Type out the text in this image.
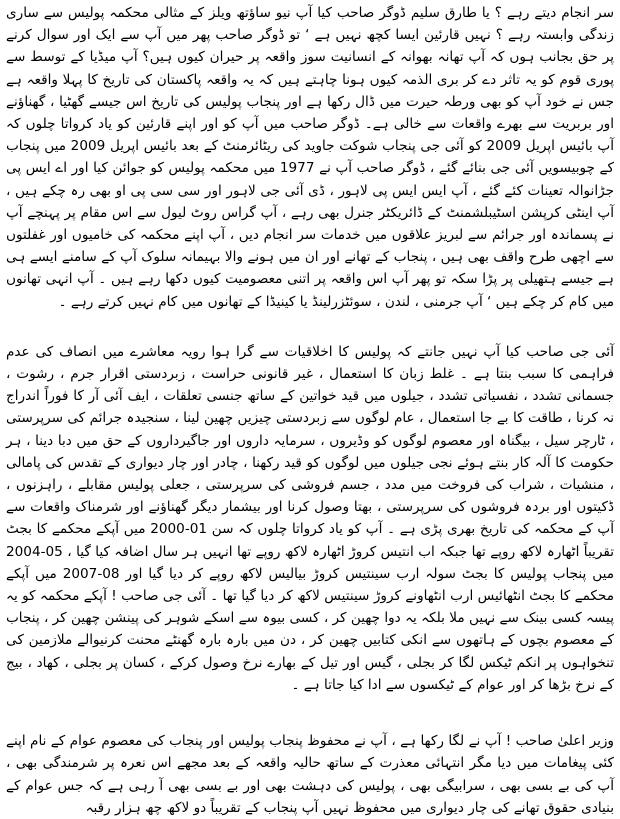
سر انجام دیتے رہے ؟ یا طارق سلیم ڈوگر صاحب کیا آپ نیو ساؤتھ ویلز کے مثالی محکمہ پولیس سے ساری زندگی وابستہ رہے ؟ نہیں قارئین ایسا کچھ نہیں ہے ‘ تو ڈوگر صاحب پھر میں آپ سے ایک اور سوال کرنے پر حق بجانب ہوں کہ آپ تھانہ بھوانہ کے انسانیت سوز واقعہ پر حیران کیوں ہیں؟ آپ میڈیا کے توسط سے پوری قوم کو یہ تاثر دے کر بری الذمہ کیوں ہونا چاہتے ہیں کہ یہ واقعہ پاکستان کی تاریخ کا پہلا واقعہ ہے جس نے خود آپ کو بھی ورطہ حیرت میں ڈال رکھا ہے اور پنجاب پولیس کی تاریخ اس جیسے گھٹیا ، گھناؤنے اور بربریت سے بھرے واقعات سے خالی ہے۔ ڈوگر صاحب میں آپ کو اور اپنے قارئین کو یاد کرواتا چلوں کہ آپ بائیس اپریل 2009 کو آئی جی پنجاب شوکت جاوید کی ریٹائرمنٹ کے بعد بائیس اپریل 2009 میں پنجاب کے چوبیسویں آئی جی بنائے گئے ، ڈوگر صاحب آپ نے 1977 میں محکمہ پولیس کو جوائن کیا اور اے ایس پی جڑانوالہ تعینات کئے گئے ، آپ ایس ایس پی لاہور ، ڈی آئی جی لاہور اور سی سی پی او بھی رہ چکے ہیں ، آپ اینٹی کرپشن اسٹیبلشمنٹ کے ڈائریکٹر جنرل بھی رہے ، آپ گراس روٹ لیول سے اس مقام پر پہنچے آپ نے پسماندہ اور جرائم سے لبریز علاقوں میں خدمات سر انجام دیں ، آپ اپنے محکمہ کی خامیوں اور غفلتوں سے اچھی طرح واقف بھی ہیں ، پنجاب کے تھانے اور ان میں ہونے والا بہیمانہ سلوک آپ کے سامنے ایسے ہی ہے جیسے ہتھیلی پر پڑا سکہ تو پھر آپ اس واقعہ پر اتنی معصومیت کیوں دکھا رہے ہیں ۔ آپ انہی تھانوں میں کام کر چکے ہیں ‘ آپ جرمنی ، لندن ، سوئٹزرلینڈ یا کینیڈا کے تھانوں میں کام نہیں کرتے رہے ۔

آئی جی صاحب کیا آپ نہیں جانتے کہ پولیس کا اخلاقیات سے گرا ہوا رویہ معاشرے میں انصاف کی عدم فراہمی کا سبب بنتا ہے ۔ غلط زبان کا استعمال ، غیر قانونی حراست ، زبردستی اقرار جرم ، رشوت ، جسمانی تشدد ، نفسیاتی تشدد ، جیلوں میں قید خواتین کے ساتھ جنسی تعلقات ، ایف آئی آر کا فوراً اندراج نہ کرنا ، طاقت کا بے جا استعمال ، عام لوگوں سے زبردستی چیزیں چھین لینا ، سنجیدہ جرائم کی سرپرستی ، ٹارچر سیل ، بیگناہ اور معصوم لوگوں کو وڈیروں ، سرمایہ داروں اور جاگیرداروں کے حق میں دبا دینا ، ہر حکومت کا آلہ کار بنتے ہوئے نجی جیلوں میں لوگوں کو قید رکھنا ، چادر اور چار دیواری کے تقدس کی پامالی ، منشیات ، شراب کی فروخت میں مدد ، جسم فروشی کی سرپرستی ، جعلی پولیس مقابلے ، راہزنوں ، ڈکیتوں اور بردہ فروشوں کی سرپرستی ، بھتا وصول کرنا اور بیشمار دیگر گھناؤنے اور شرمناک واقعات سے آپ کے محکمہ کی تاریخ بھری پڑی ہے ۔ آپ کو یاد کرواتا چلوں کہ سن 01-2000 میں آپکے محکمے کا بجٹ تقریباً اٹھارہ لاکھ روپے تھا جبکہ اب انتیس کروڑ اٹھارہ لاکھ روپے تھا انہیں ہر سال اضافہ کیا گیا ، 05-2004 میں پنجاب پولیس کا بجٹ سولہ ارب سینتیس کروڑ بیالیس لاکھ روپے کر دیا گیا اور 08-2007 میں آپکے محکمے کا بجٹ انٹھائیس ارب انٹھاونے کروڑ سینتیس لاکھ کر دیا گیا تھا ۔ آئی جی صاحب ! آپکے محکمہ کو یہ پیسہ کسی بینک سے نہیں ملا بلکہ یہ دوا چھین کر ، کسی بیوہ سے اسکے شوہر کی پینشن چھین کر ، پنجاب کے معصوم بچوں کے ہاتھوں سے انکی کتابیں چھین کر ، دن میں بارہ بارہ گھنٹے محنت کرنیوالے ملازمین کی تنخواہوں پر انکم ٹیکس لگا کر بجلی ، گیس اور تیل کے بھارے نرخ وصول کرکے ، کسان پر بجلی ، کھاد ، بیج کے نرخ بڑھا کر اور عوام کے ٹیکسوں سے ادا کیا جاتا ہے ۔

وزیر اعلیٰ صاحب ! آپ نے لگا رکھا ہے ، آپ نے محفوظ پنجاب پولیس اور پنجاب کی معصوم عوام کے نام اپنے کئی پیغامات میں دیا مگر انتہائی معذرت کے ساتھ حالیہ واقعہ کے بعد مجھے اس نعرہ پر شرمندگی بھی ، آپ کی بے بسی بھی ، سرابیگی بھی ، پولیس کی دہشت بھی اور بے بسی بھی آ رہی ہے کہ جس عوام کے بنیادی حقوق تھانے کی چار دیواری میں محفوظ نہیں آپ پنجاب کے تقریباً دو لاکھ چھ ہزار رقبہ
